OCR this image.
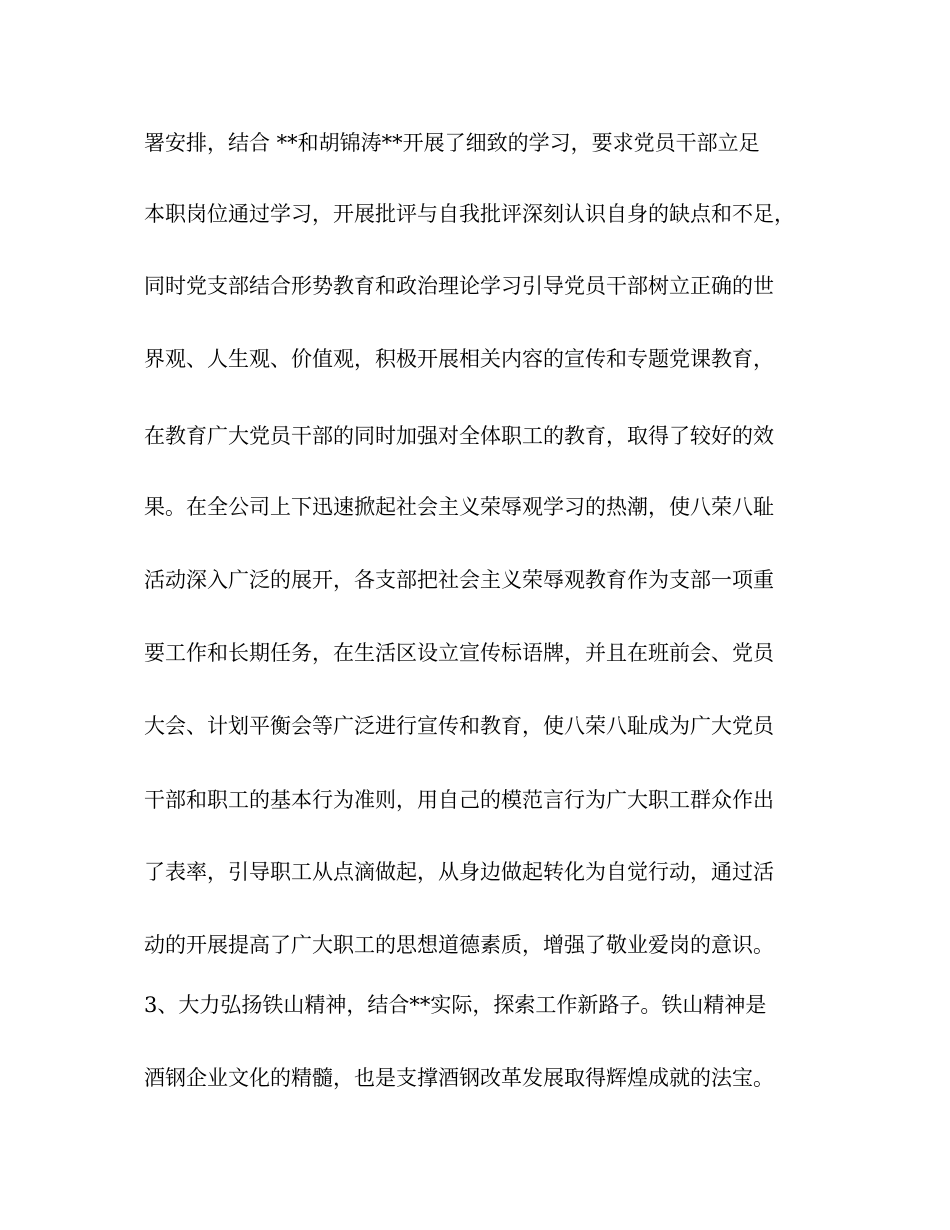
署安排，结合 **和胡锦涛**开展了细致的学习，要求党员干部立足
本职岗位通过学习，开展批评与自我批评深刻认识自身的缺点和不足，
同时党支部结合形势教育和政治理论学习引导党员干部树立正确的世
界观、人生观、价值观，积极开展相关内容的宣传和专题党课教育，
在教育广大党员干部的同时加强对全体职工的教育，取得了较好的效
果。在全公司上下迅速掀起社会主义荣辱观学习的热潮，使八荣八耻
活动深入广泛的展开，各支部把社会主义荣辱观教育作为支部一项重
要工作和长期任务，在生活区设立宣传标语牌，并且在班前会、党员
大会、计划平衡会等广泛进行宣传和教育，使八荣八耻成为广大党员
干部和职工的基本行为准则，用自己的模范言行为广大职工群众作出
了表率，引导职工从点滴做起，从身边做起转化为自觉行动，通过活
动的开展提高了广大职工的思想道德素质，增强了敬业爱岗的意识。
3、大力弘扬铁山精神，结合**实际，探索工作新路子。铁山精神是
酒钢企业文化的精髓，也是支撑酒钢改革发展取得辉煌成就的法宝。
